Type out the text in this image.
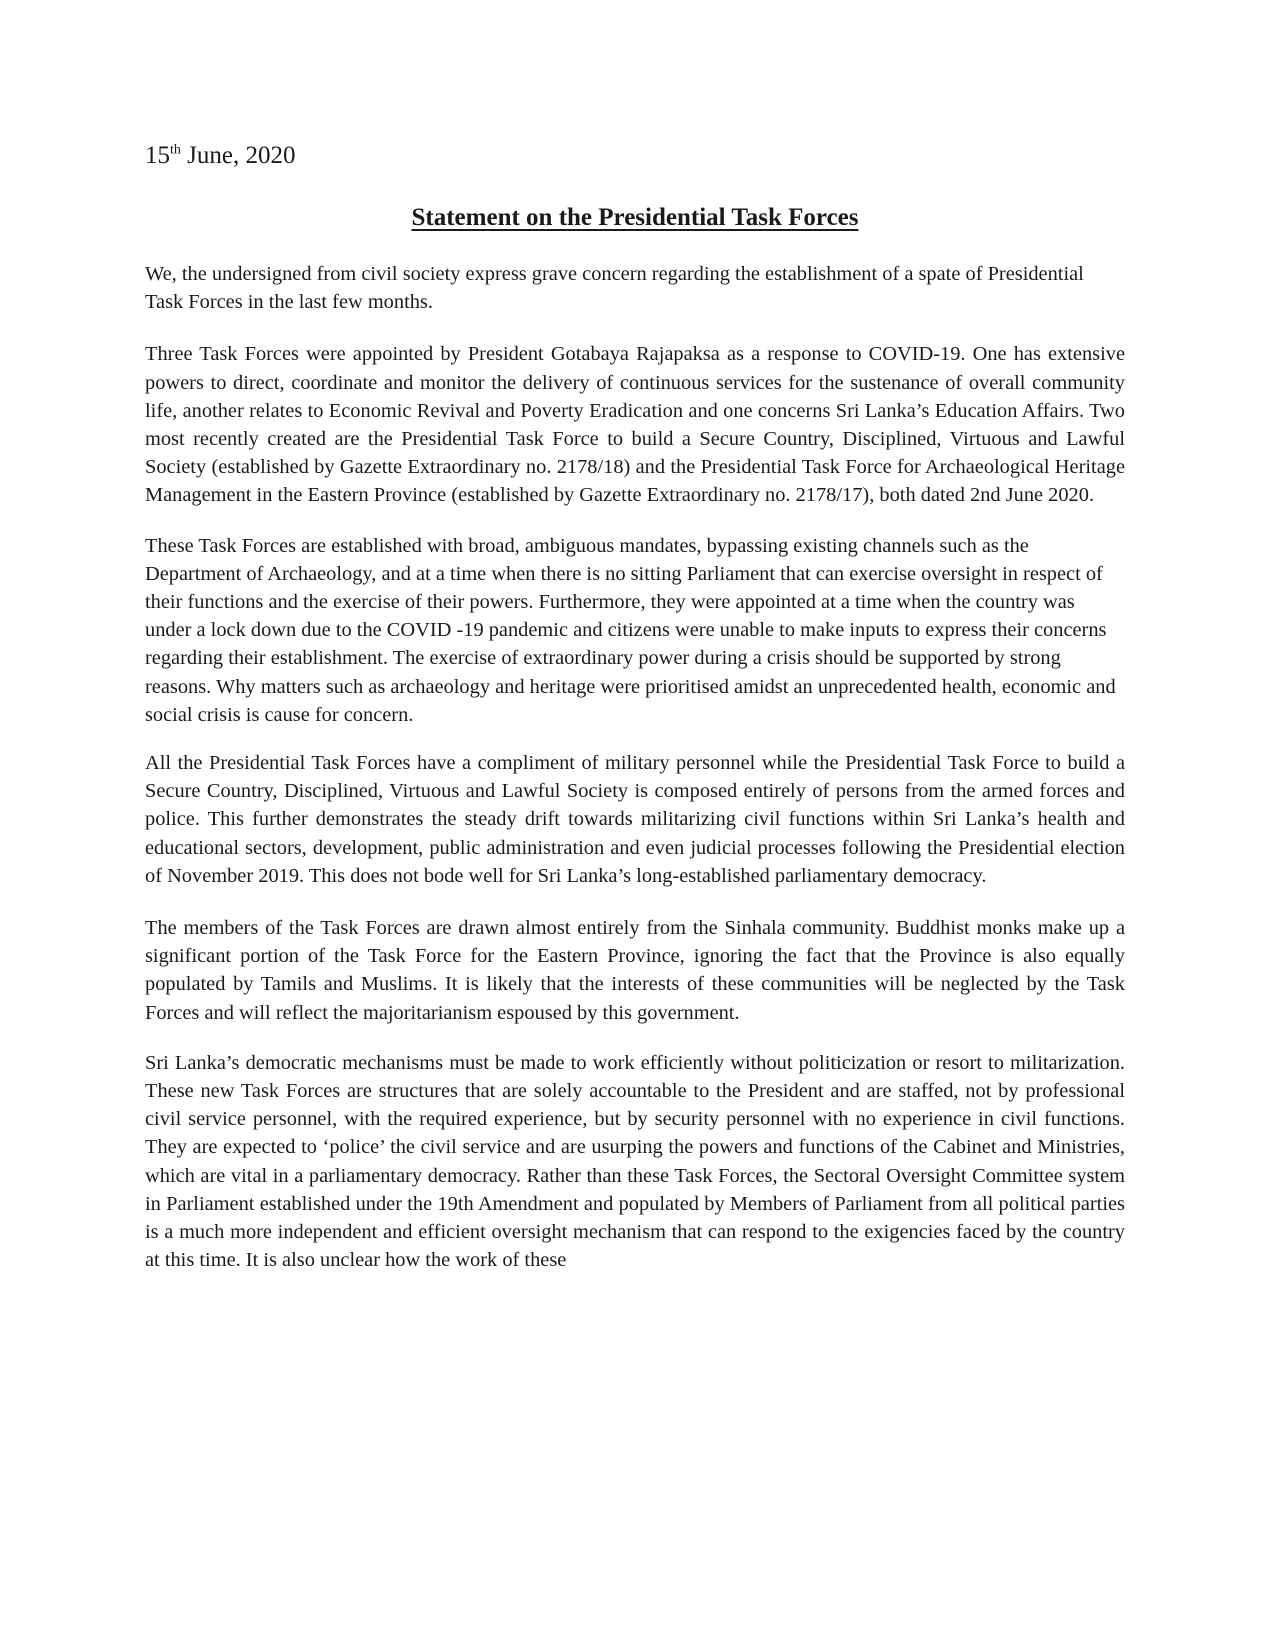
15th June, 2020
Statement on the Presidential Task Forces

We, the undersigned from civil society express grave concern regarding the establishment of a spate of Presidential Task Forces in the last few months.

Three Task Forces were appointed by President Gotabaya Rajapaksa as a response to COVID-19. One has extensive powers to direct, coordinate and monitor the delivery of continuous services for the sustenance of overall community life, another relates to Economic Revival and Poverty Eradication and one concerns Sri Lanka’s Education Affairs. Two most recently created are the Presidential Task Force to build a Secure Country, Disciplined, Virtuous and Lawful Society (established by Gazette Extraordinary no. 2178/18) and the Presidential Task Force for Archaeological Heritage Management in the Eastern Province (established by Gazette Extraordinary no. 2178/17), both dated 2nd June 2020.

These Task Forces are established with broad, ambiguous mandates, bypassing existing channels such as the Department of Archaeology, and at a time when there is no sitting Parliament that can exercise oversight in respect of their functions and the exercise of their powers. Furthermore, they were appointed at a time when the country was under a lock down due to the COVID -19 pandemic and citizens were unable to make inputs to express their concerns regarding their establishment. The exercise of extraordinary power during a crisis should be supported by strong reasons. Why matters such as archaeology and heritage were prioritised amidst an unprecedented health, economic and social crisis is cause for concern.

All the Presidential Task Forces have a compliment of military personnel while the Presidential Task Force to build a Secure Country, Disciplined, Virtuous and Lawful Society is composed entirely of persons from the armed forces and police. This further demonstrates the steady drift towards militarizing civil functions within Sri Lanka’s health and educational sectors, development, public administration and even judicial processes following the Presidential election of November 2019. This does not bode well for Sri Lanka’s long-established parliamentary democracy.

The members of the Task Forces are drawn almost entirely from the Sinhala community. Buddhist monks make up a significant portion of the Task Force for the Eastern Province, ignoring the fact that the Province is also equally populated by Tamils and Muslims. It is likely that the interests of these communities will be neglected by the Task Forces and will reflect the majoritarianism espoused by this government.

Sri Lanka’s democratic mechanisms must be made to work efficiently without politicization or resort to militarization. These new Task Forces are structures that are solely accountable to the President and are staffed, not by professional civil service personnel, with the required experience, but by security personnel with no experience in civil functions. They are expected to ‘police’ the civil service and are usurping the powers and functions of the Cabinet and Ministries, which are vital in a parliamentary democracy. Rather than these Task Forces, the Sectoral Oversight Committee system in Parliament established under the 19th Amendment and populated by Members of Parliament from all political parties is a much more independent and efficient oversight mechanism that can respond to the exigencies faced by the country at this time. It is also unclear how the work of these
